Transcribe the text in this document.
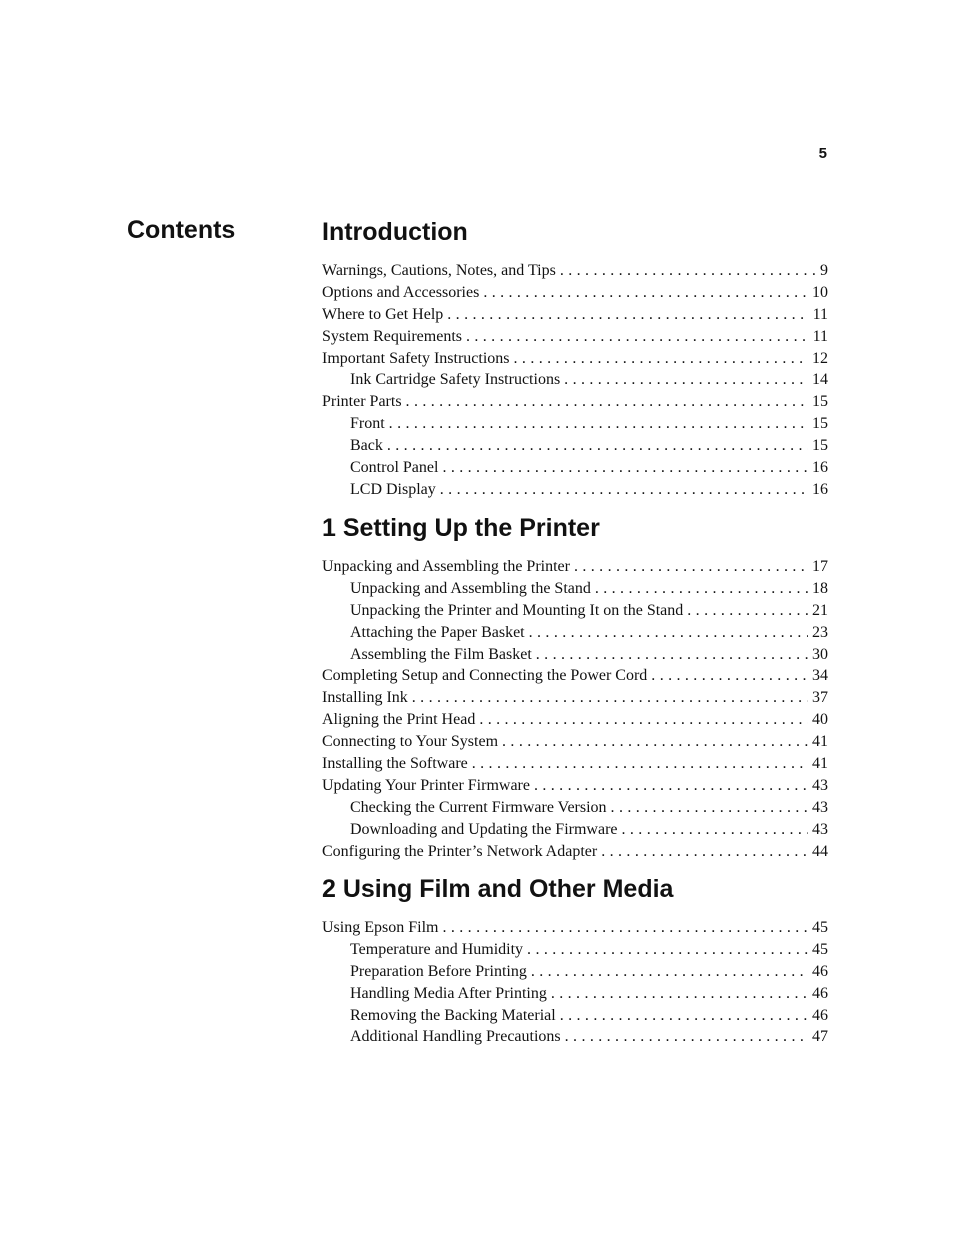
5
Contents	Introduction
Warnings, Cautions, Notes, and Tips . . .	9
Options and Accessories . . .	10
Where to Get Help . . .	11
System Requirements . . .	11
Important Safety Instructions . . .	12
Ink Cartridge Safety Instructions . . .	14
Printer Parts . . .	15
Front . . .	15
Back . . .	15
Control Panel . . .	16
LCD Display . . .	16
1 Setting Up the Printer
Unpacking and Assembling the Printer . . .	17
Unpacking and Assembling the Stand . . .	18
Unpacking the Printer and Mounting It on the Stand . . .	21
Attaching the Paper Basket . . .	23
Assembling the Film Basket . . .	30
Completing Setup and Connecting the Power Cord . . .	34
Installing Ink . . .	37
Aligning the Print Head . . .	40
Connecting to Your System . . .	41
Installing the Software . . .	41
Updating Your Printer Firmware . . .	43
Checking the Current Firmware Version . . .	43
Downloading and Updating the Firmware . . .	43
Configuring the Printer’s Network Adapter . . .	44
2 Using Film and Other Media
Using Epson Film . . .	45
Temperature and Humidity . . .	45
Preparation Before Printing . . .	46
Handling Media After Printing . . .	46
Removing the Backing Material . . .	46
Additional Handling Precautions . . .	47
